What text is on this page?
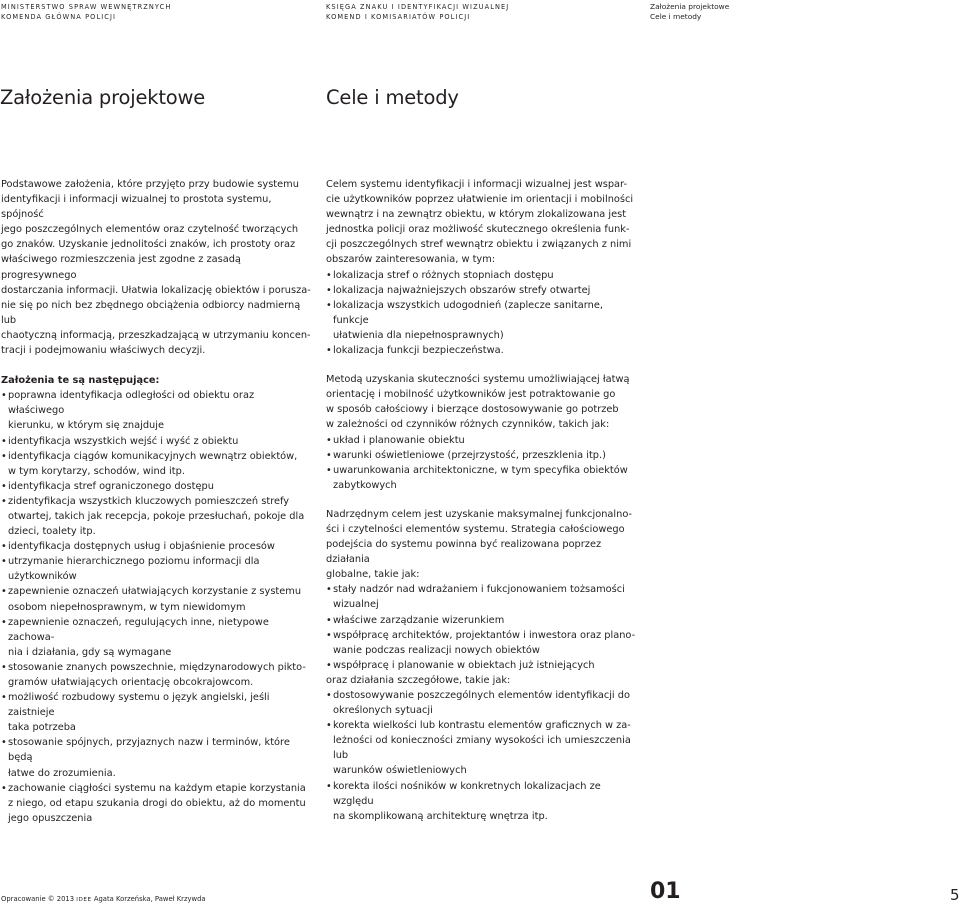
MINISTERSTWO SPRAW WEWNĘTRZNYCH
KOMENDA GŁÓWNA POLICJI
KSIĘGA ZNAKU I IDENTYFIKACJI WIZUALNEJ
KOMEND I KOMISARIATÓW POLICJI
Założenia projektowe
Cele i metody
Założenia projektowe	Cele i metody

Podstawowe założenia, które przyjęto przy budowie systemu
identyfikacji i informacji wizualnej to prostota systemu, spójność
jego poszczególnych elementów oraz czytelność tworzących
go znaków. Uzyskanie jednolitości znaków, ich prostoty oraz
właściwego rozmieszczenia jest zgodne z zasadą progresywnego
dostarczania informacji. Ułatwia lokalizację obiektów i porusza-
nie się po nich bez zbędnego obciążenia odbiorcy nadmierną lub
chaotyczną informacją, przeszkadzającą w utrzymaniu koncen-
tracji i podejmowaniu właściwych decyzji.

Założenia te są następujące:

• poprawna identyfikacja odległości od obiektu oraz właściwego
kierunku, w którym się znajduje
• identyfikacja wszystkich wejść i wyść z obiektu
• identyfikacja ciągów komunikacyjnych wewnątrz obiektów,
w tym korytarzy, schodów, wind itp.
• identyfikacja stref ograniczonego dostępu
• zidentyfikacja wszystkich kluczowych pomieszczeń strefy
otwartej, takich jak recepcja, pokoje przesłuchań, pokoje dla
dzieci, toalety itp.
• identyfikacja dostępnych usług i objaśnienie procesów
• utrzymanie hierarchicznego poziomu informacji dla
użytkowników
• zapewnienie oznaczeń ułatwiających korzystanie z systemu
osobom niepełnosprawnym, w tym niewidomym
• zapewnienie oznaczeń, regulujących inne, nietypowe zachowa-
nia i działania, gdy są wymagane
• stosowanie znanych powszechnie, międzynarodowych pikto-
gramów ułatwiających orientację obcokrajowcom.
• możliwość rozbudowy systemu o język angielski, jeśli zaistnieje
taka potrzeba
• stosowanie spójnych, przyjaznych nazw i terminów, które będą
łatwe do zrozumienia.
• zachowanie ciągłości systemu na każdym etapie korzystania
z niego, od etapu szukania drogi do obiektu, aż do momentu
jego opuszczenia

Celem systemu identyfikacji i informacji wizualnej jest wspar-
cie użytkowników poprzez ułatwienie im orientacji i mobilności
wewnątrz i na zewnątrz obiektu, w którym zlokalizowana jest
jednostka policji oraz możliwość skutecznego określenia funk-
cji poszczególnych stref wewnątrz obiektu i związanych z nimi
obszarów zainteresowania, w tym:

• lokalizacja stref o różnych stopniach dostępu
• lokalizacja najważniejszych obszarów strefy otwartej
• lokalizacja wszystkich udogodnień (zaplecze sanitarne, funkcje
ułatwienia dla niepełnosprawnych)
• lokalizacja funkcji bezpieczeństwa.

Metodą uzyskania skuteczności systemu umożliwiającej łatwą
orientację i mobilność użytkowników jest potraktowanie go
w sposób całościowy i bierzące dostosowywanie go potrzeb
w zależności od czynników różnych czynników, takich jak:

• układ i planowanie obiektu
• warunki oświetleniowe (przejrzystość, przeszklenia itp.)
• uwarunkowania architektoniczne, w tym specyfika obiektów
zabytkowych

Nadrzędnym celem jest uzyskanie maksymalnej funkcjonalno-
ści i czytelności elementów systemu. Strategia całościowego
podejścia do systemu powinna być realizowana poprzez działania
globalne, takie jak:

• stały nadzór nad wdrażaniem i fukcjonowaniem tożsamości
wizualnej
• właściwe zarządzanie wizerunkiem
• współpracę architektów, projektantów i inwestora oraz plano-
wanie podczas realizacji nowych obiektów
• współpracę i planowanie w obiektach już istniejących

oraz działania szczegółowe, takie jak:

• dostosowywanie poszczególnych elementów identyfikacji do
określonych sytuacji
• korekta wielkości lub kontrastu elementów graficznych w za-
leżności od konieczności zmiany wysokości ich umieszczenia lub
warunków oświetleniowych
• korekta ilości nośników w konkretnych lokalizacjach ze względu
na skomplikowaną architekturę wnętrza itp.
Opracowanie © 2013 IDEE Agata Korzeńska, Paweł Krzywda	01	5
